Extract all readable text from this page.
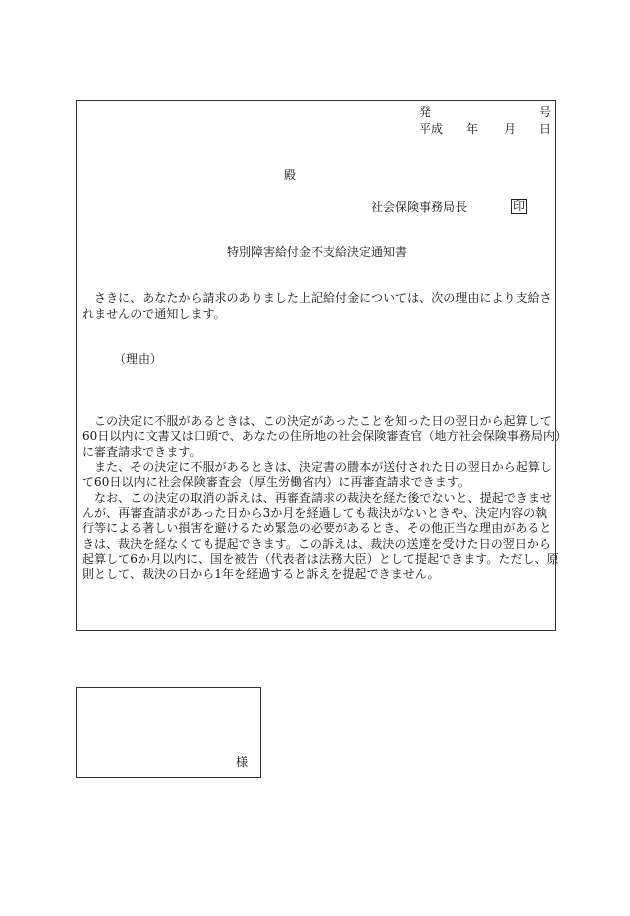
発	号
平成 年 月 日
殿
社会保険事務局長	印
特別障害給付金不支給決定通知書
　さきに、あなたから請求のありました上記給付金については、次の理由により支給さ
れませんので通知します。
（理由）
　この決定に不服があるときは、この決定があったことを知った日の翌日から起算して
60日以内に文書又は口頭で、あなたの住所地の社会保険審査官（地方社会保険事務局内）
に審査請求できます。
　また、その決定に不服があるときは、決定書の謄本が送付された日の翌日から起算し
て60日以内に社会保険審査会（厚生労働省内）に再審査請求できます。
　なお、この決定の取消の訴えは、再審査請求の裁決を経た後でないと、提起できませ
んが、再審査請求があった日から3か月を経過しても裁決がないときや、決定内容の執
行等による著しい損害を避けるため緊急の必要があるとき、その他正当な理由があると
きは、裁決を経なくても提起できます。この訴えは、裁決の送達を受けた日の翌日から
起算して6か月以内に、国を被告（代表者は法務大臣）として提起できます。ただし、原
則として、裁決の日から1年を経過すると訴えを提起できません。
様
